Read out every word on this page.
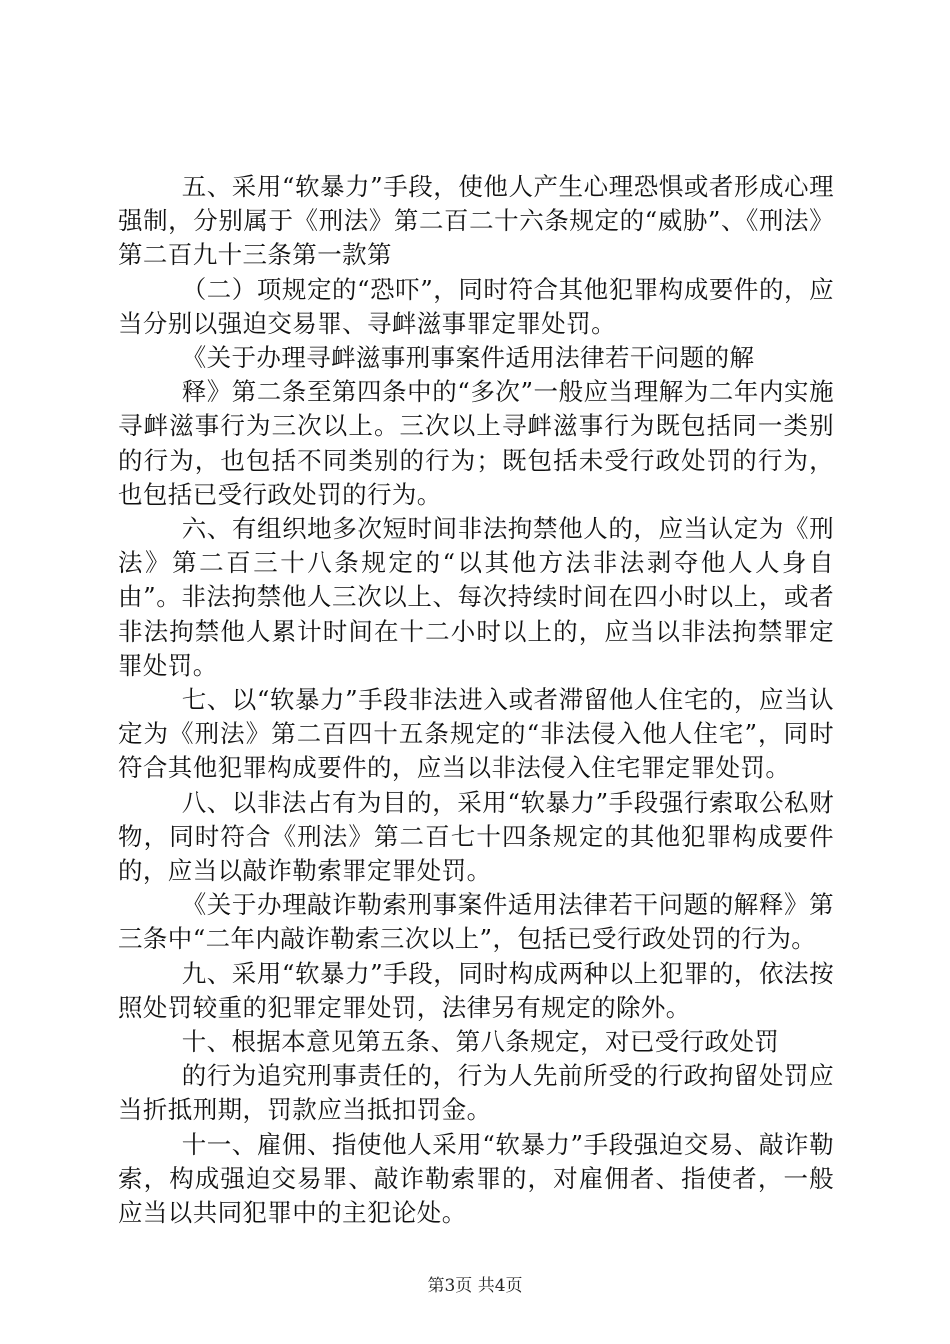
五、采用“软暴力”手段，使他人产生心理恐惧或者形成心理强制，分别属于《刑法》第二百二十六条规定的“威胁”、《刑法》第二百九十三条第一款第

（二）项规定的“恐吓”，同时符合其他犯罪构成要件的，应当分别以强迫交易罪、寻衅滋事罪定罪处罚。

《关于办理寻衅滋事刑事案件适用法律若干问题的解

释》第二条至第四条中的“多次”一般应当理解为二年内实施寻衅滋事行为三次以上。三次以上寻衅滋事行为既包括同一类别的行为，也包括不同类别的行为；既包括未受行政处罚的行为，也包括已受行政处罚的行为。

六、有组织地多次短时间非法拘禁他人的，应当认定为《刑法》第二百三十八条规定的“以其他方法非法剥夺他人人身自由”。非法拘禁他人三次以上、每次持续时间在四小时以上，或者非法拘禁他人累计时间在十二小时以上的，应当以非法拘禁罪定罪处罚。

七、以“软暴力”手段非法进入或者滞留他人住宅的，应当认定为《刑法》第二百四十五条规定的“非法侵入他人住宅”，同时符合其他犯罪构成要件的，应当以非法侵入住宅罪定罪处罚。

八、以非法占有为目的，采用“软暴力”手段强行索取公私财物，同时符合《刑法》第二百七十四条规定的其他犯罪构成要件的，应当以敲诈勒索罪定罪处罚。

《关于办理敲诈勒索刑事案件适用法律若干问题的解释》第三条中“二年内敲诈勒索三次以上”，包括已受行政处罚的行为。

九、采用“软暴力”手段，同时构成两种以上犯罪的，依法按照处罚较重的犯罪定罪处罚，法律另有规定的除外。

十、根据本意见第五条、第八条规定，对已受行政处罚

的行为追究刑事责任的，行为人先前所受的行政拘留处罚应当折抵刑期，罚款应当抵扣罚金。

十一、雇佣、指使他人采用“软暴力”手段强迫交易、敲诈勒索，构成强迫交易罪、敲诈勒索罪的，对雇佣者、指使者，一般应当以共同犯罪中的主犯论处。

第3页 共4页
